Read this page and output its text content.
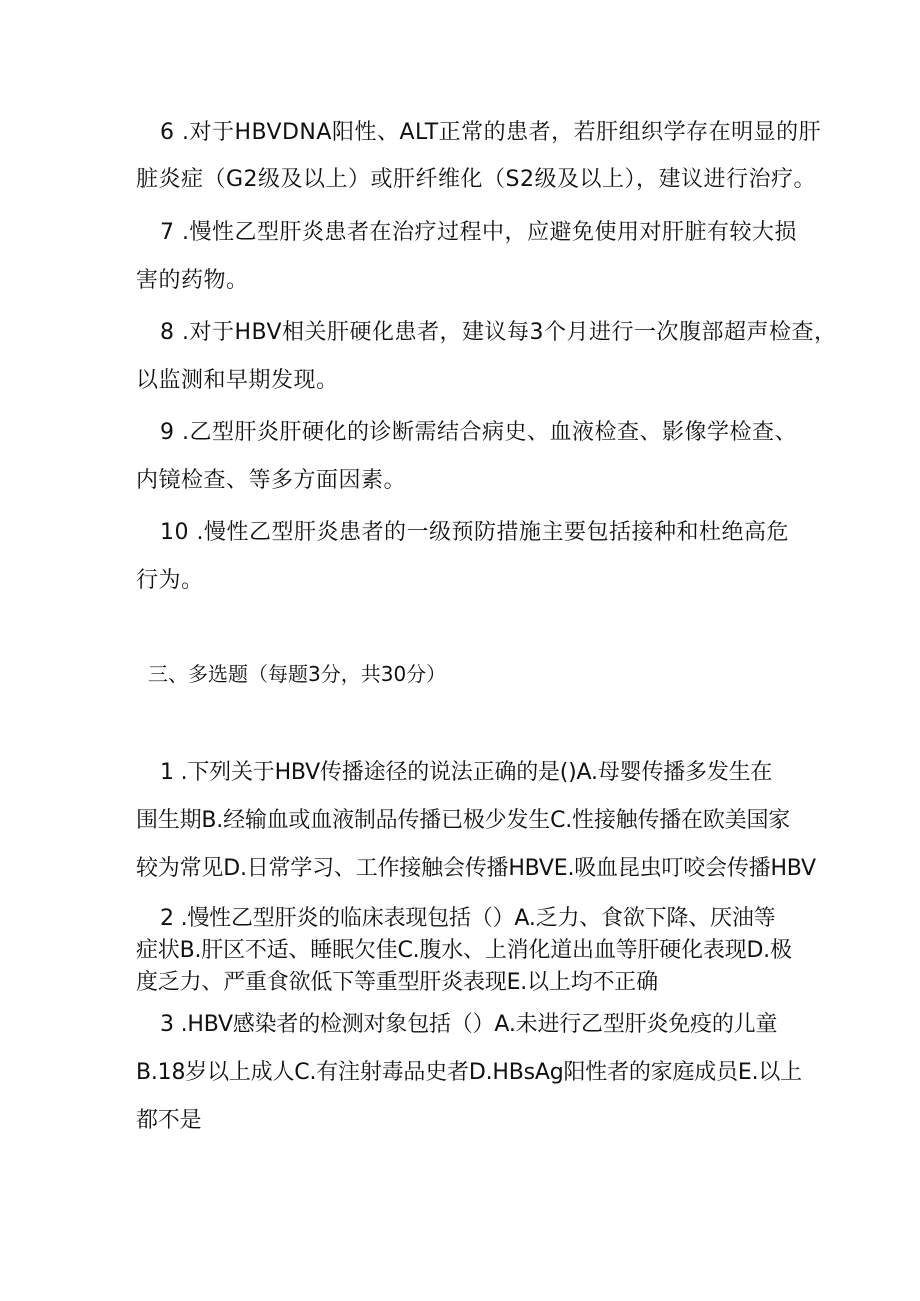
6 .对于HBVDNA阳性、ALT正常的患者，若肝组织学存在明显的肝
脏炎症（G2级及以上）或肝纤维化（S2级及以上），建议进行治疗。
7 .慢性乙型肝炎患者在治疗过程中，应避免使用对肝脏有较大损
害的药物。
8 .对于HBV相关肝硬化患者，建议每3个月进行一次腹部超声检查，
以监测和早期发现。
9 .乙型肝炎肝硬化的诊断需结合病史、血液检查、影像学检查、
内镜检查、等多方面因素。
10 .慢性乙型肝炎患者的一级预防措施主要包括接种和杜绝高危
行为。
三、多选题（每题3分，共30分）
1 .下列关于HBV传播途径的说法正确的是()A.母婴传播多发生在
围生期B.经输血或血液制品传播已极少发生C.性接触传播在欧美国家
较为常见D.日常学习、工作接触会传播HBVE.吸血昆虫叮咬会传播HBV
2 .慢性乙型肝炎的临床表现包括（）A.乏力、食欲下降、厌油等
症状B.肝区不适、睡眠欠佳C.腹水、上消化道出血等肝硬化表现D.极
度乏力、严重食欲低下等重型肝炎表现E.以上均不正确
3 .HBV感染者的检测对象包括（）A.未进行乙型肝炎免疫的儿童
B.18岁以上成人C.有注射毒品史者D.HBsAg阳性者的家庭成员E.以上
都不是
